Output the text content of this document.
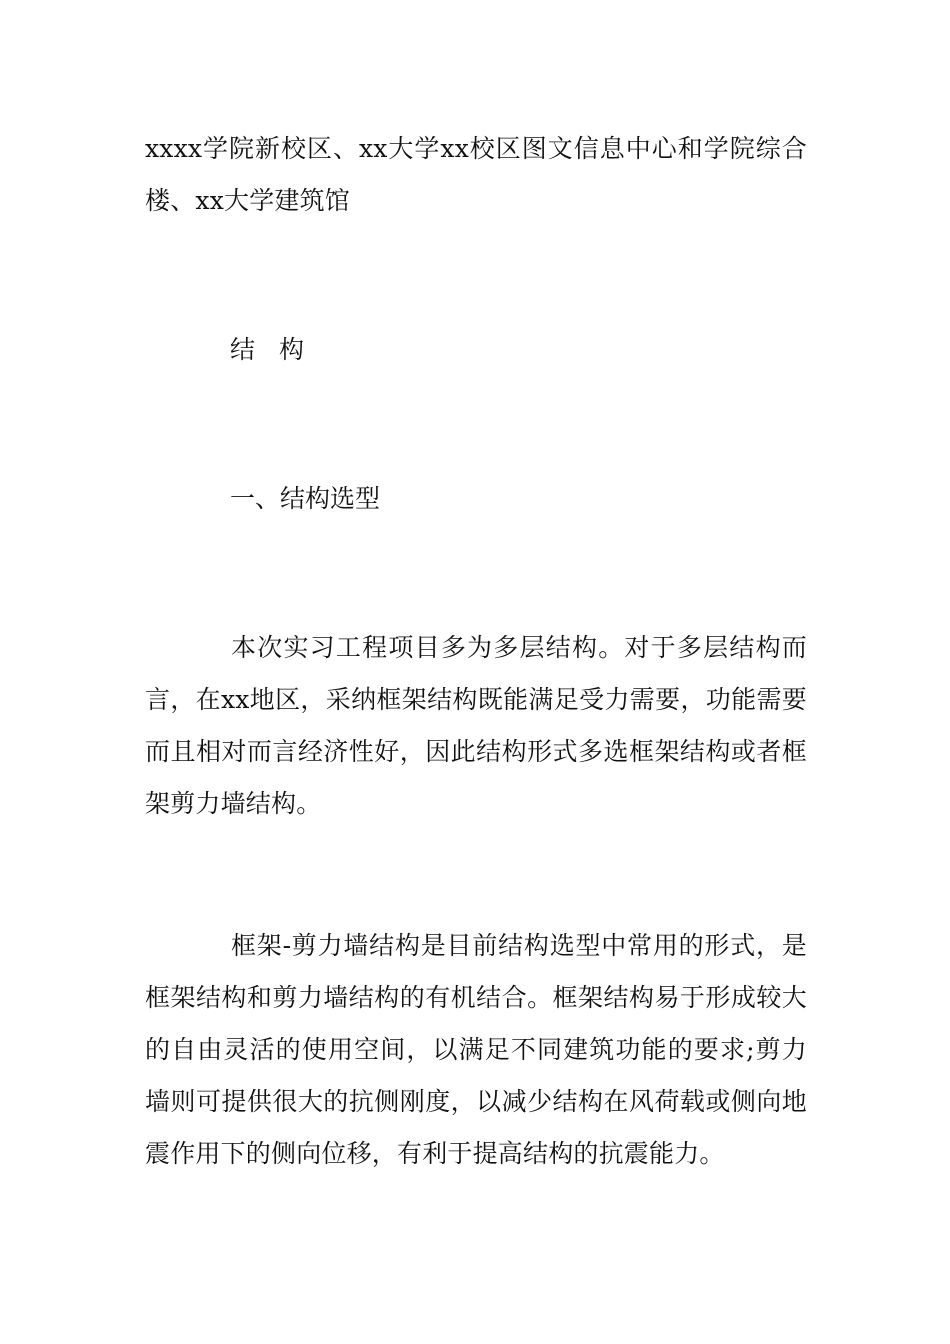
xxxx学院新校区、xx大学xx校区图文信息中心和学院综合楼、xx大学建筑馆
结 构
一、结构选型
本次实习工程项目多为多层结构。对于多层结构而言，在xx地区，采纳框架结构既能满足受力需要，功能需要而且相对而言经济性好，因此结构形式多选框架结构或者框架剪力墙结构。
框架-剪力墙结构是目前结构选型中常用的形式，是框架结构和剪力墙结构的有机结合。框架结构易于形成较大的自由灵活的使用空间，以满足不同建筑功能的要求;剪力墙则可提供很大的抗侧刚度，以减少结构在风荷载或侧向地震作用下的侧向位移，有利于提高结构的抗震能力。
